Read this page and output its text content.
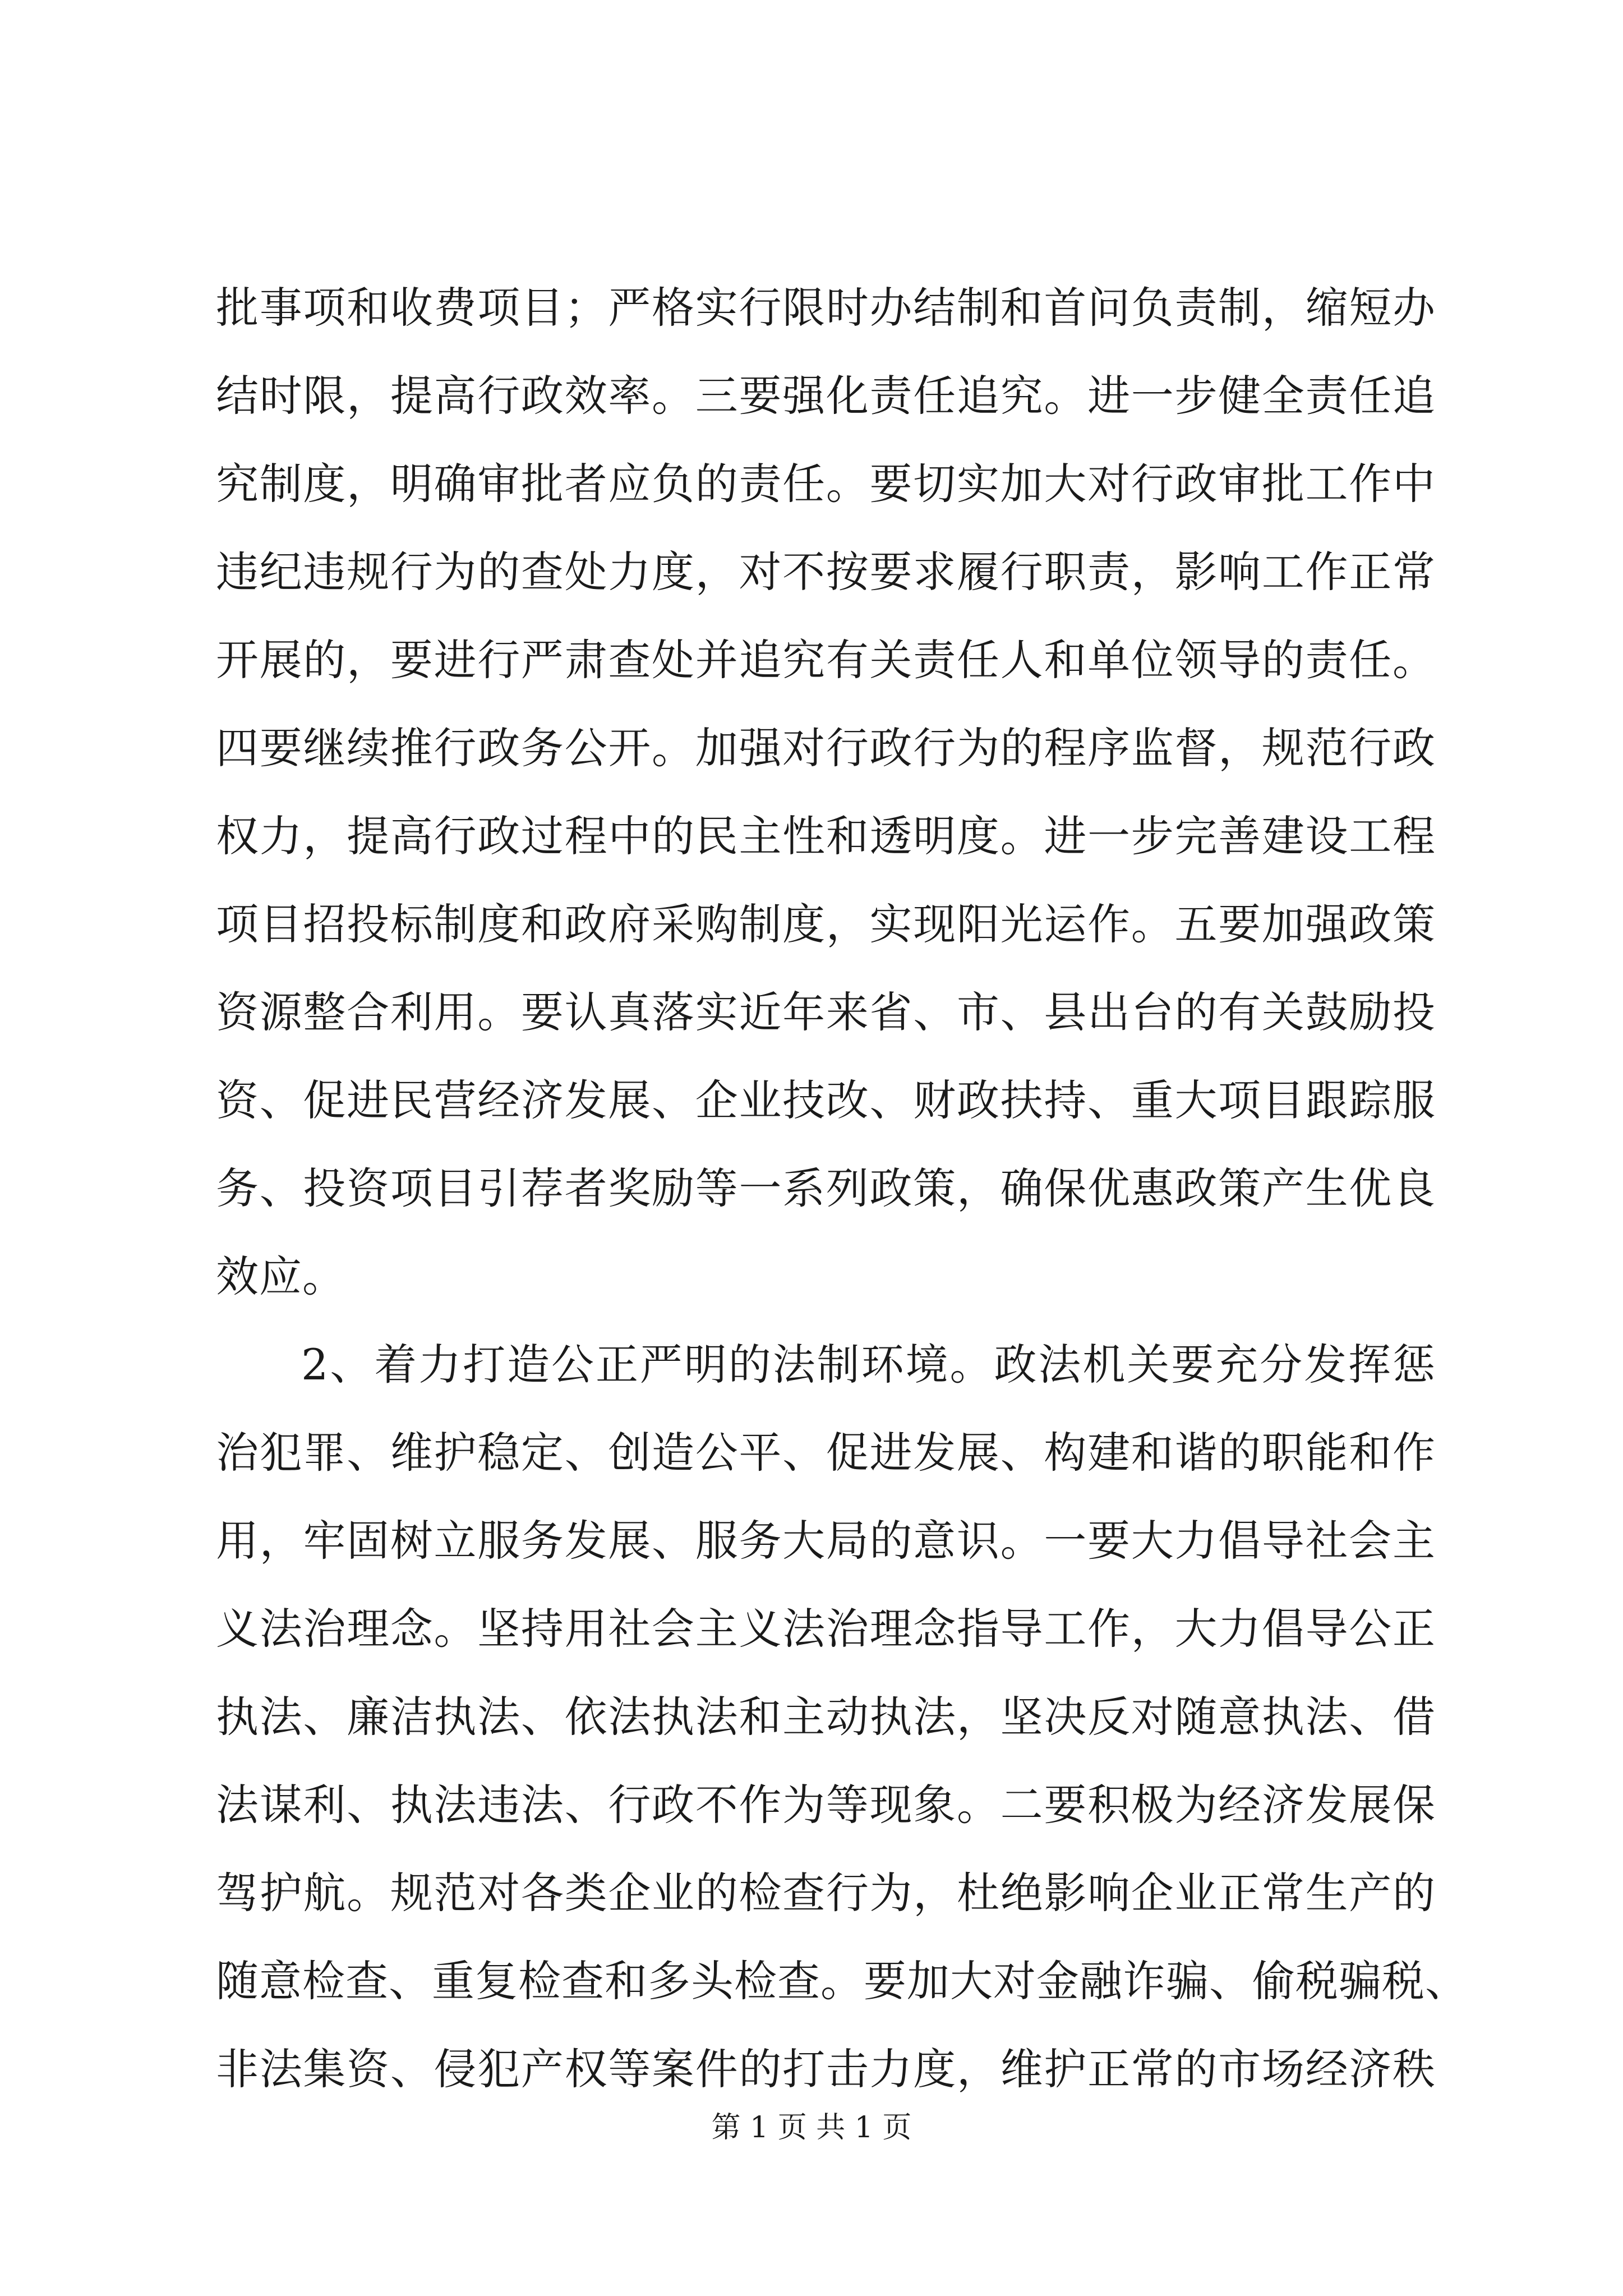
批事项和收费项目；严格实行限时办结制和首问负责制，缩短办
结时限，提高行政效率。三要强化责任追究。进一步健全责任追
究制度，明确审批者应负的责任。要切实加大对行政审批工作中
违纪违规行为的查处力度，对不按要求履行职责，影响工作正常
开展的，要进行严肃查处并追究有关责任人和单位领导的责任。
四要继续推行政务公开。加强对行政行为的程序监督，规范行政
权力，提高行政过程中的民主性和透明度。进一步完善建设工程
项目招投标制度和政府采购制度，实现阳光运作。五要加强政策
资源整合利用。要认真落实近年来省、市、县出台的有关鼓励投
资、促进民营经济发展、企业技改、财政扶持、重大项目跟踪服
务、投资项目引荐者奖励等一系列政策，确保优惠政策产生优良
效应。
2、着力打造公正严明的法制环境。政法机关要充分发挥惩
治犯罪、维护稳定、创造公平、促进发展、构建和谐的职能和作
用，牢固树立服务发展、服务大局的意识。一要大力倡导社会主
义法治理念。坚持用社会主义法治理念指导工作，大力倡导公正
执法、廉洁执法、依法执法和主动执法，坚决反对随意执法、借
法谋利、执法违法、行政不作为等现象。二要积极为经济发展保
驾护航。规范对各类企业的检查行为，杜绝影响企业正常生产的
随意检查、重复检查和多头检查。要加大对金融诈骗、偷税骗税、
非法集资、侵犯产权等案件的打击力度，维护正常的市场经济秩
第 1 页 共 1 页
